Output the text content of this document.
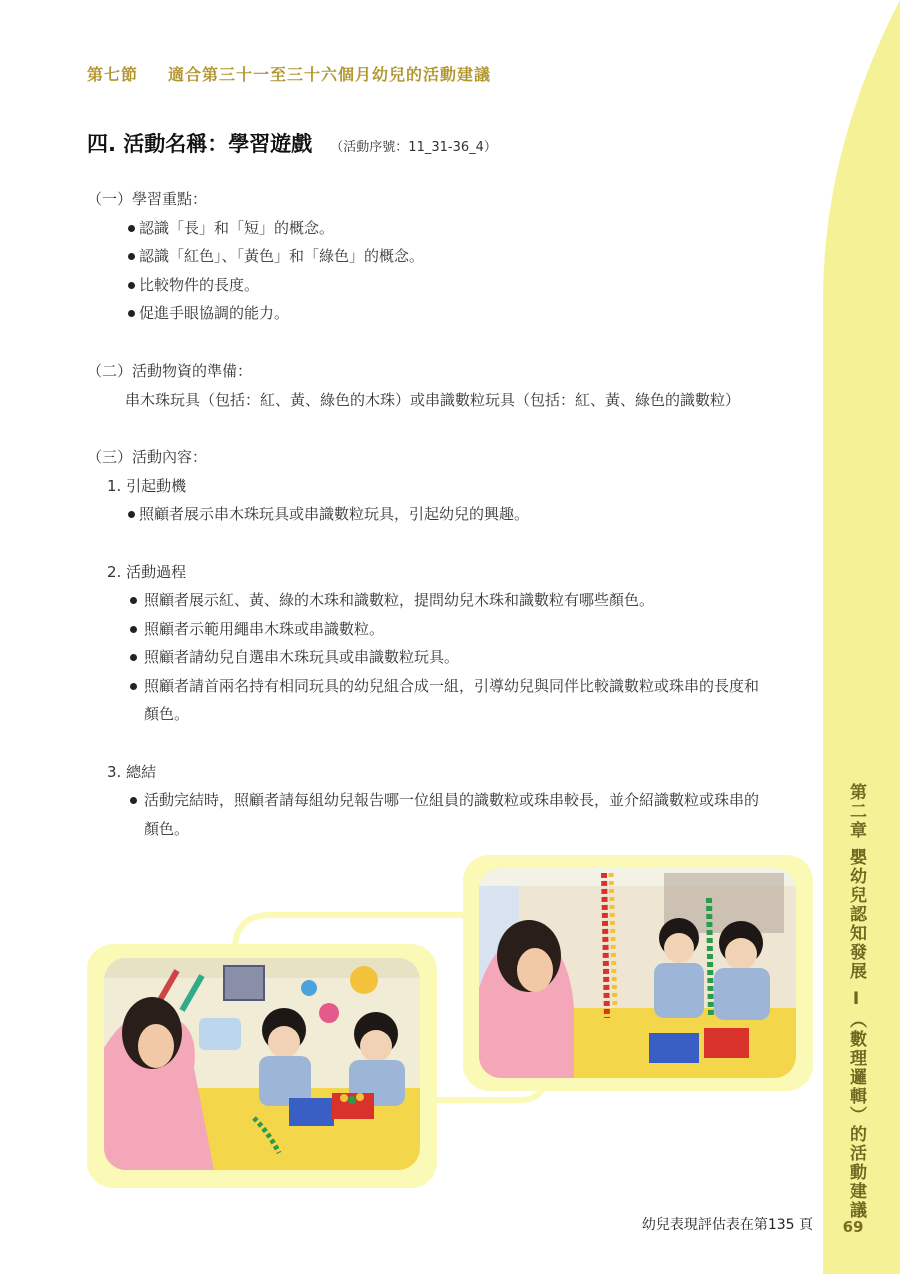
第七節 適合第三十一至三十六個月幼兒的活動建議
四. 活動名稱：學習遊戲 （活動序號：11_31-36_4）
（一）學習重點：
認識「長」和「短」的概念。
認識「紅色」、「黃色」和「綠色」的概念。
比較物件的長度。
促進手眼協調的能力。
（二）活動物資的準備：
串木珠玩具（包括：紅、黃、綠色的木珠）或串識數粒玩具（包括：紅、黃、綠色的識數粒）
（三）活動內容：
1. 引起動機
照顧者展示串木珠玩具或串識數粒玩具，引起幼兒的興趣。
2. 活動過程
照顧者展示紅、黃、綠的木珠和識數粒，提問幼兒木珠和識數粒有哪些顏色。
照顧者示範用繩串木珠或串識數粒。
照顧者請幼兒自選串木珠玩具或串識數粒玩具。
照顧者請首兩名持有相同玩具的幼兒組合成一組，引導幼兒與同伴比較識數粒或珠串的長度和
顏色。
3. 總結
活動完結時，照顧者請每組幼兒報告哪一位組員的識數粒或珠串較長，並介紹識數粒或珠串的
顏色。	第二章 嬰幼兒認知發展 Ⅰ（數理邏輯）的活動建議
69
幼兒表現評估表在第135 頁
